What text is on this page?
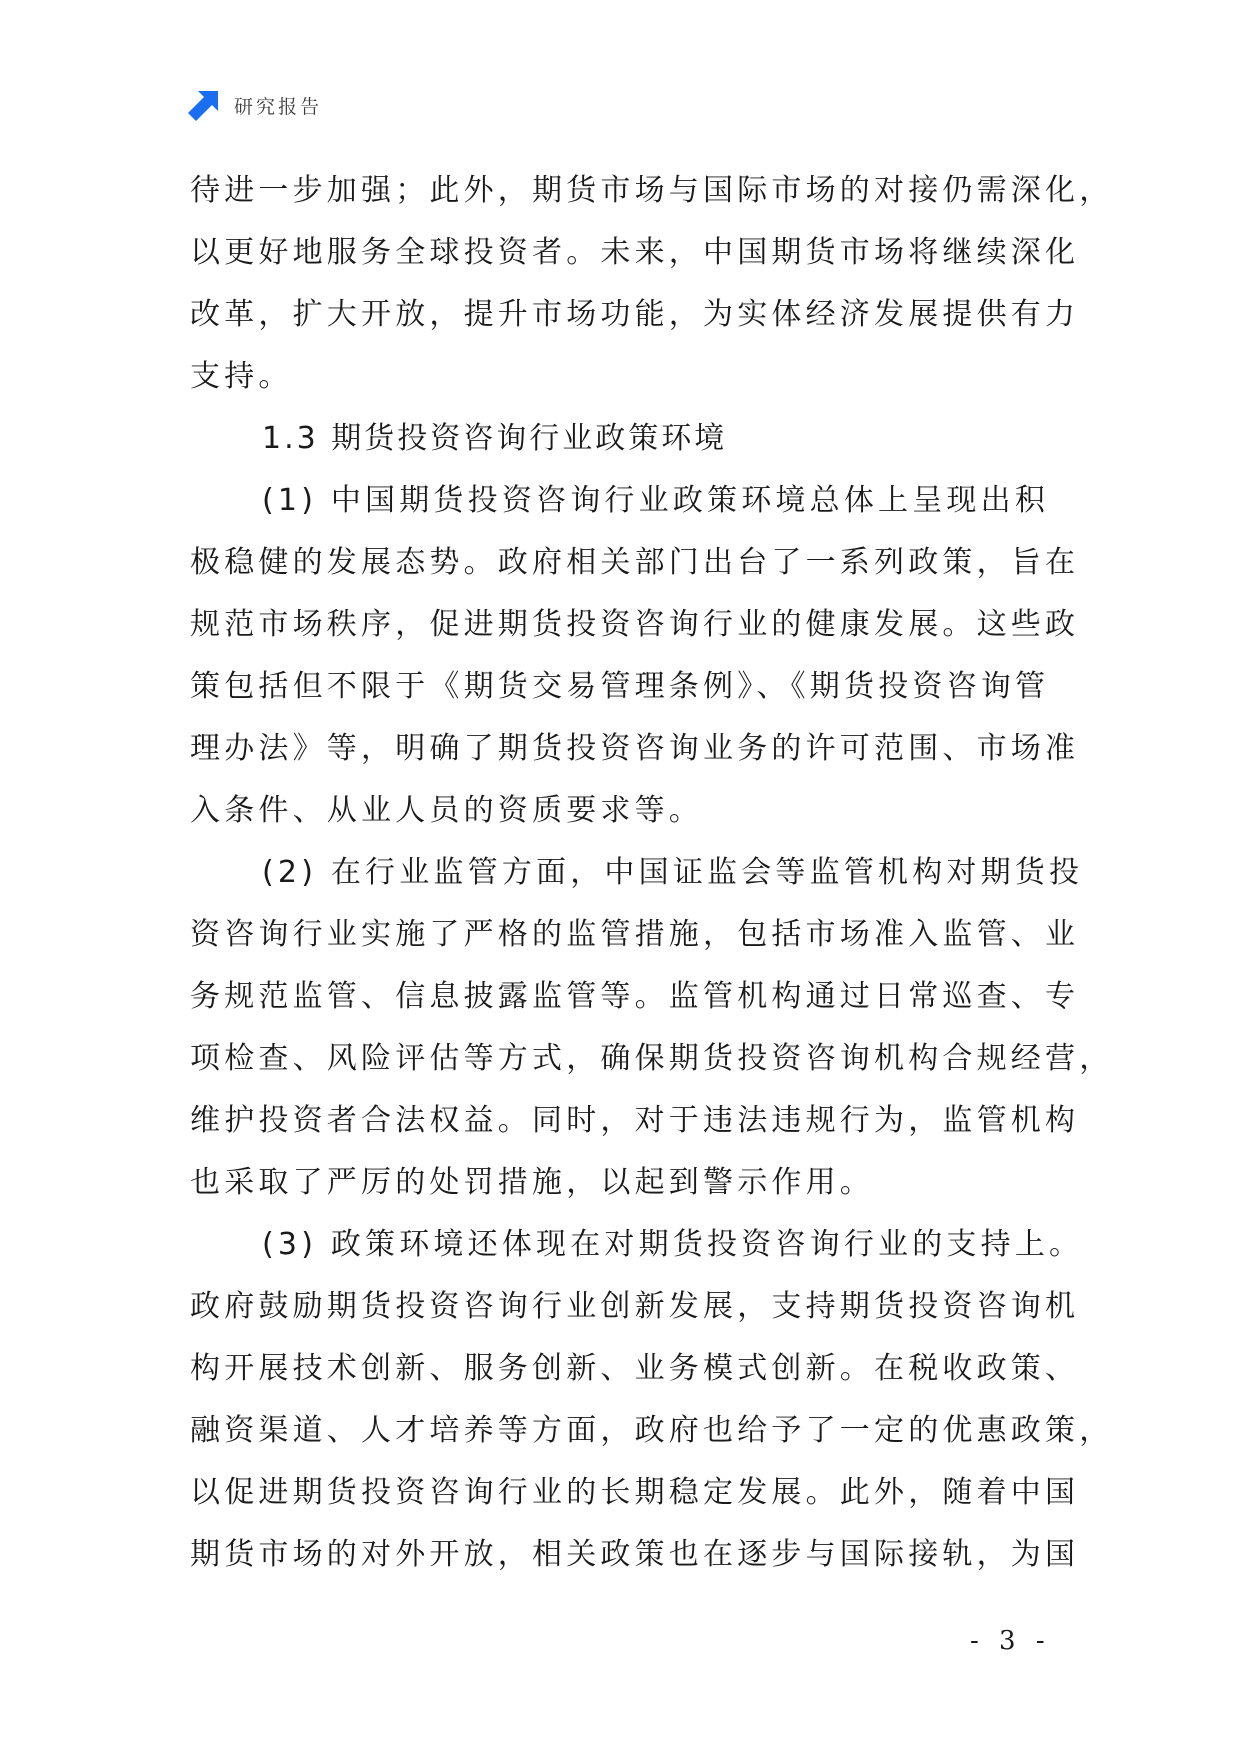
研究报告
待进一步加强；此外，期货市场与国际市场的对接仍需深化，
以更好地服务全球投资者。未来，中国期货市场将继续深化
改革，扩大开放，提升市场功能，为实体经济发展提供有力
支持。
1.3 期货投资咨询行业政策环境
(1) 中国期货投资咨询行业政策环境总体上呈现出积
极稳健的发展态势。政府相关部门出台了一系列政策，旨在
规范市场秩序，促进期货投资咨询行业的健康发展。这些政
策包括但不限于《期货交易管理条例》、《期货投资咨询管
理办法》等，明确了期货投资咨询业务的许可范围、市场准
入条件、从业人员的资质要求等。
(2) 在行业监管方面，中国证监会等监管机构对期货投
资咨询行业实施了严格的监管措施，包括市场准入监管、业
务规范监管、信息披露监管等。监管机构通过日常巡查、专
项检查、风险评估等方式，确保期货投资咨询机构合规经营，
维护投资者合法权益。同时，对于违法违规行为，监管机构
也采取了严厉的处罚措施，以起到警示作用。
(3) 政策环境还体现在对期货投资咨询行业的支持上。
政府鼓励期货投资咨询行业创新发展，支持期货投资咨询机
构开展技术创新、服务创新、业务模式创新。在税收政策、
融资渠道、人才培养等方面，政府也给予了一定的优惠政策，
以促进期货投资咨询行业的长期稳定发展。此外，随着中国
期货市场的对外开放，相关政策也在逐步与国际接轨，为国
- 3 -
